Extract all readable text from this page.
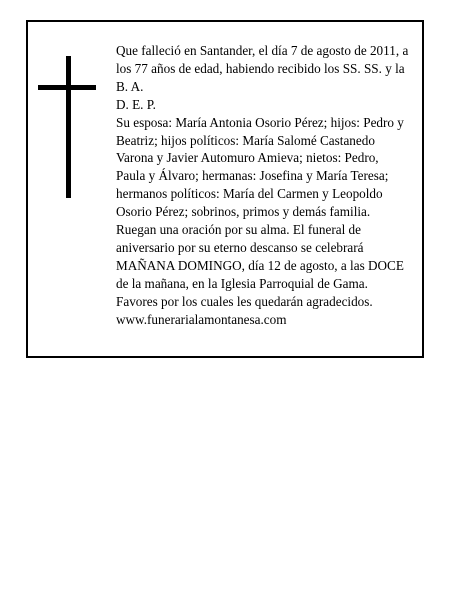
Que falleció en Santander, el día 7 de agosto de 2011, a
los 77 años de edad, habiendo recibido los SS. SS. y la
B. A.
D. E. P.
Su esposa: María Antonia Osorio Pérez; hijos: Pedro y
Beatriz; hijos políticos: María Salomé Castanedo
Varona y Javier Automuro Amieva; nietos: Pedro,
Paula y Álvaro; hermanas: Josefina y María Teresa;
hermanos políticos: María del Carmen y Leopoldo
Osorio Pérez; sobrinos, primos y demás familia.
Ruegan una oración por su alma. El funeral de
aniversario por su eterno descanso se celebrará
MAÑANA DOMINGO, día 12 de agosto, a las DOCE
de la mañana, en la Iglesia Parroquial de Gama.
Favores por los cuales les quedarán agradecidos.
www.funerarialamontanesa.com
